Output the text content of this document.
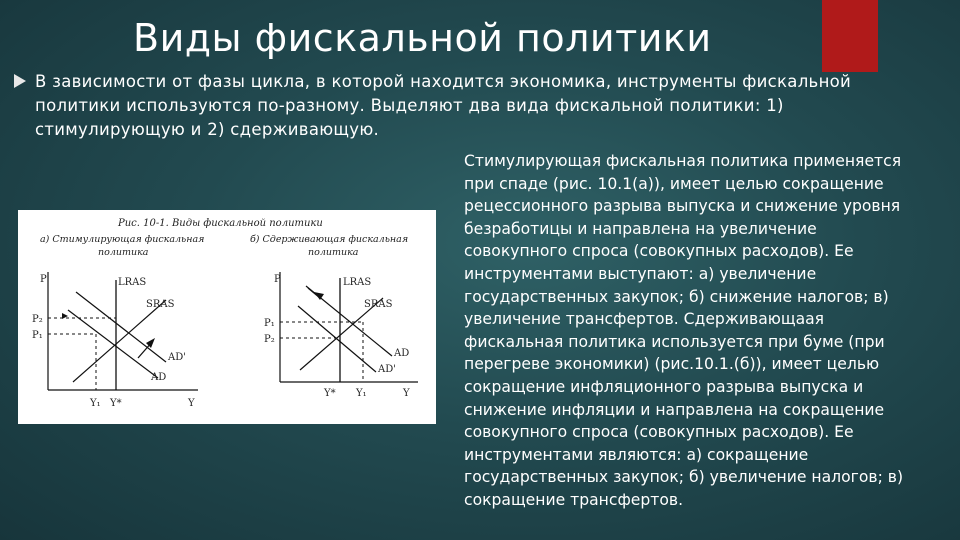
Виды фискальной политики
В зависимости от фазы цикла, в которой находится экономика, инструменты фискальной политики используются по-разному. Выделяют два вида фискальной политики: 1) стимулирующую и 2) сдерживающую.
Стимулирующая фискальная политика применяется при спаде (рис. 10.1(а)), имеет целью сокращение рецессионного разрыва выпуска и снижение уровня безработицы и направлена на увеличение совокупного спроса (совокупных расходов). Ее инструментами выступают: а) увеличение государственных закупок; б) снижение налогов; в) увеличение трансфертов. Сдерживающаая фискальная политика используется при буме (при перегреве экономики) (рис.10.1.(б)), имеет целью сокращение инфляционного разрыва выпуска и снижение инфляции и направлена на сокращение совокупного спроса (совокупных расходов). Ее инструментами являются: а) сокращение государственных закупок; б) увеличение налогов; в) сокращение трансфертов.
Рис. 10-1. Виды фискальной политики
а) Стимулирующая фискальная
политика
P
Y
LRAS
SRAS
AD'
AD
P₂
P₁
Y₁ Y*
б) Сдерживающая фискальная
политика
P
Y
LRAS
SRAS
AD
AD'
P₁
P₂
Y* Y₁
